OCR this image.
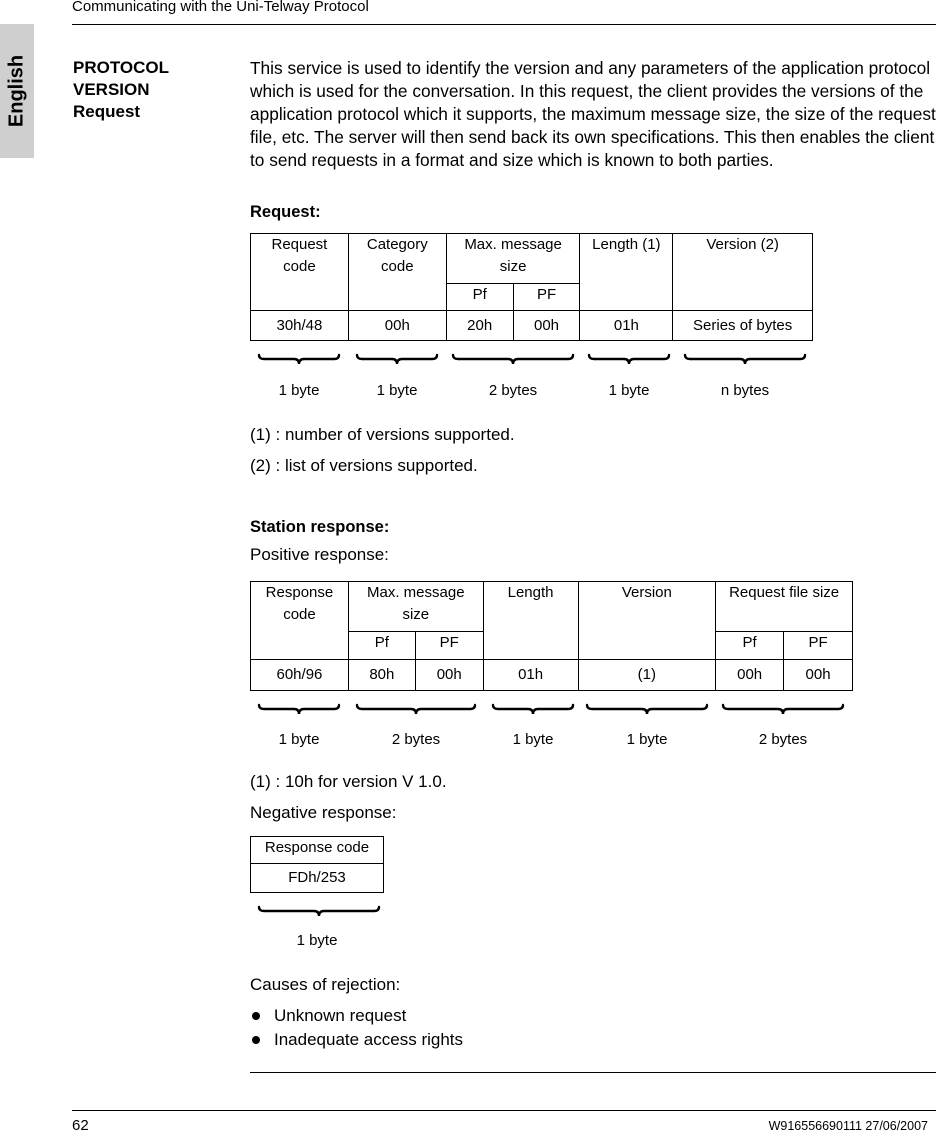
Communicating with the Uni-Telway Protocol
English	PROTOCOL
VERSION
Request

This service is used to identify the version and any parameters of the application protocol which is used for the conversation. In this request, the client provides the versions of the application protocol which it supports, the maximum message size, the size of the request file, etc. The server will then send back its own specifications. This then enables the client to send requests in a format and size which is known to both parties.

Request:
Request code	Category code	Max. message size		Length (1)	Version (2)
		Pf	PF		
30h/48	00h	20h	00h	01h	Series of bytes
1 byte	1 byte	2 bytes	1 byte	n bytes
(1) : number of versions supported.
(2) : list of versions supported.
Station response:
Positive response:
Response code	Max. message size		Length	Version	Request file size	
	Pf	PF			Pf	PF
60h/96	80h	00h	01h	(1)	00h	00h
1 byte	2 bytes	1 byte	1 byte	2 bytes
(1) : 10h for version V 1.0.
Negative response:
Response code
FDh/253
1 byte
Causes of rejection:
Unknown request
Inadequate access rights
62	W916556690111 27/06/2007
